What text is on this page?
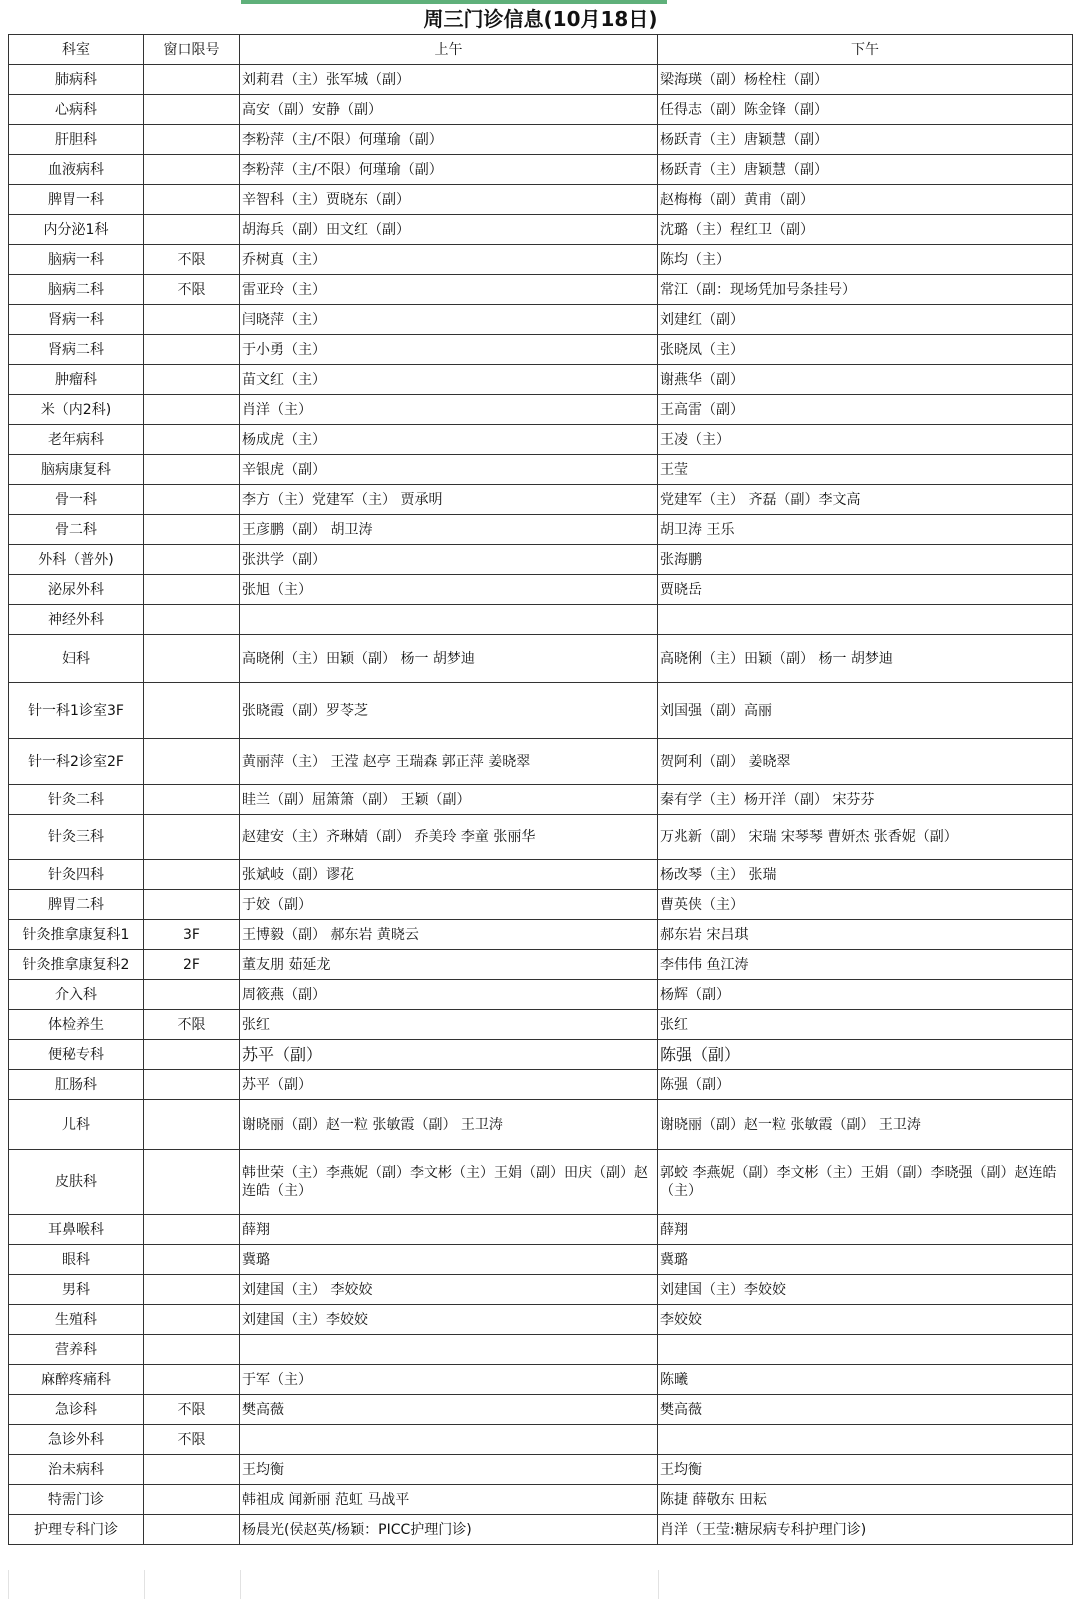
周三门诊信息(10月18日)			
科室	窗口限号	上午	下午
肺病科		刘莉君（主）张军城（副）	梁海瑛（副）杨栓柱（副）
心病科		高安（副）安静（副）	任得志（副）陈金锋（副）
肝胆科		李粉萍（主/不限）何瑾瑜（副）	杨跃青（主）唐颖慧（副）
血液病科		李粉萍（主/不限）何瑾瑜（副）	杨跃青（主）唐颖慧（副）
脾胃一科		辛智科（主）贾晓东（副）	赵梅梅（副）黄甫（副）
内分泌1科		胡海兵（副）田文红（副）	沈璐（主）程红卫（副）
脑病一科	不限	乔树真（主）	陈均（主）
脑病二科	不限	雷亚玲（主）	常江（副：现场凭加号条挂号）
肾病一科		闫晓萍（主）	刘建红（副）
肾病二科		于小勇（主）	张晓凤（主）
肿瘤科		苗文红（主）	谢燕华（副）
米（内2科)		肖洋（主）	王高雷（副）
老年病科		杨成虎（主）	王凌（主）
脑病康复科		辛银虎（副）	王莹
骨一科		李方（主）党建军（主） 贾承明	党建军（主） 齐磊（副）李文高
骨二科		王彦鹏（副） 胡卫涛	胡卫涛 王乐
外科（普外)		张洪学（副）	张海鹏
泌尿外科		张旭（主）	贾晓岳
神经外科			
妇科		高晓俐（主）田颖（副） 杨一 胡梦迪	高晓俐（主）田颖（副） 杨一 胡梦迪
针一科1诊室3F		张晓霞（副）罗苓芝	刘国强（副）高丽
针一科2诊室2F		黄丽萍（主） 王滢 赵亭 王瑞森 郭正萍 姜晓翠	贺阿利（副） 姜晓翠
针灸二科		眭兰（副）屈箫箫（副） 王颖（副）	秦有学（主）杨开洋（副） 宋芬芬
针灸三科		赵建安（主）齐琳婧（副） 乔美玲 李童 张丽华	万兆新（副） 宋瑞 宋琴琴 曹妍杰 张香妮（副）
针灸四科		张斌岐（副）谬花	杨改琴（主） 张瑞
脾胃二科		于姣（副）	曹英侠（主）
针灸推拿康复科1	3F	王博毅（副） 郝东岩 黄晓云	郝东岩 宋吕琪
针灸推拿康复科2	2F	董友朋 茹延龙	李伟伟 鱼江涛
介入科		周筱燕（副）	杨辉（副）
体检养生	不限	张红	张红
便秘专科		苏平（副）	陈强（副）
肛肠科		苏平（副）	陈强（副）
儿科		谢晓丽（副）赵一粒 张敏霞（副） 王卫涛	谢晓丽（副）赵一粒 张敏霞（副） 王卫涛
皮肤科		韩世荣（主）李燕妮（副）李文彬（主）王娟（副）田庆（副）赵连皓（主）	郭蛟 李燕妮（副）李文彬（主）王娟（副）李晓强（副）赵连皓（主）
耳鼻喉科		薛翔	薛翔
眼科		冀璐	冀璐
男科		刘建国（主） 李姣姣	刘建国（主）李姣姣
生殖科		刘建国（主）李姣姣	李姣姣
营养科			
麻醉疼痛科		于军（主）	陈曦
急诊科	不限	樊高薇	樊高薇
急诊外科	不限		
治未病科		王均衡	王均衡
特需门诊		韩祖成 闻新丽 范虹 马战平	陈捷 薛敬东 田耘
护理专科门诊		杨晨光(侯赵英/杨颖：PICC护理门诊)	肖洋（王莹:糖尿病专科护理门诊)
